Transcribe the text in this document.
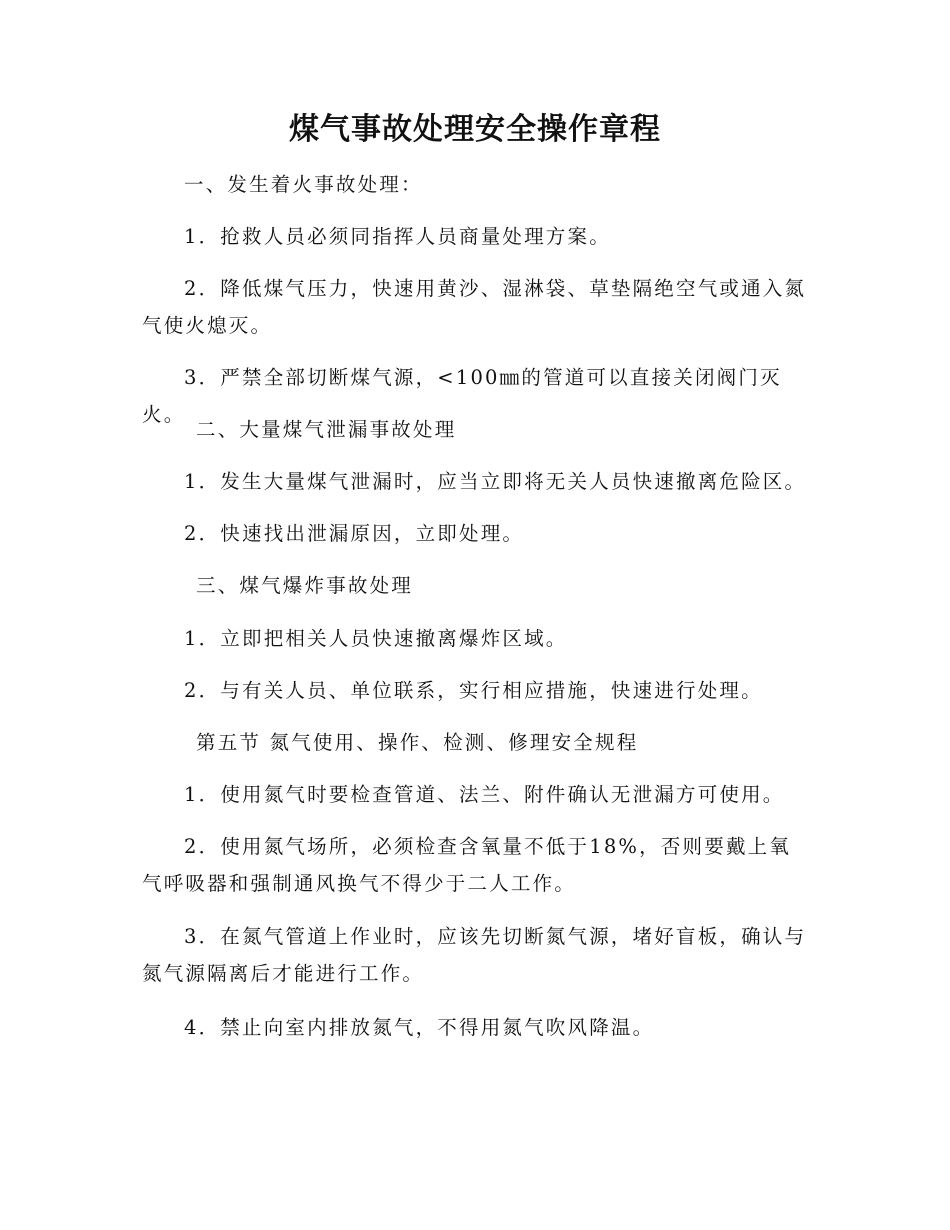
煤气事故处理安全操作章程
一、发生着火事故处理：
1．抢救人员必须同指挥人员商量处理方案。
2．降低煤气压力，快速用黄沙、湿淋袋、草垫隔绝空气或通入氮气使火熄灭。
3．严禁全部切断煤气源，<100㎜的管道可以直接关闭阀门灭火。
二、大量煤气泄漏事故处理
1．发生大量煤气泄漏时，应当立即将无关人员快速撤离危险区。
2．快速找出泄漏原因，立即处理。
三、煤气爆炸事故处理
1．立即把相关人员快速撤离爆炸区域。
2．与有关人员、单位联系，实行相应措施，快速进行处理。
第五节 氮气使用、操作、检测、修理安全规程
1．使用氮气时要检查管道、法兰、附件确认无泄漏方可使用。
2．使用氮气场所，必须检查含氧量不低于18%，否则要戴上氧气呼吸器和强制通风换气不得少于二人工作。
3．在氮气管道上作业时，应该先切断氮气源，堵好盲板，确认与氮气源隔离后才能进行工作。
4．禁止向室内排放氮气，不得用氮气吹风降温。
